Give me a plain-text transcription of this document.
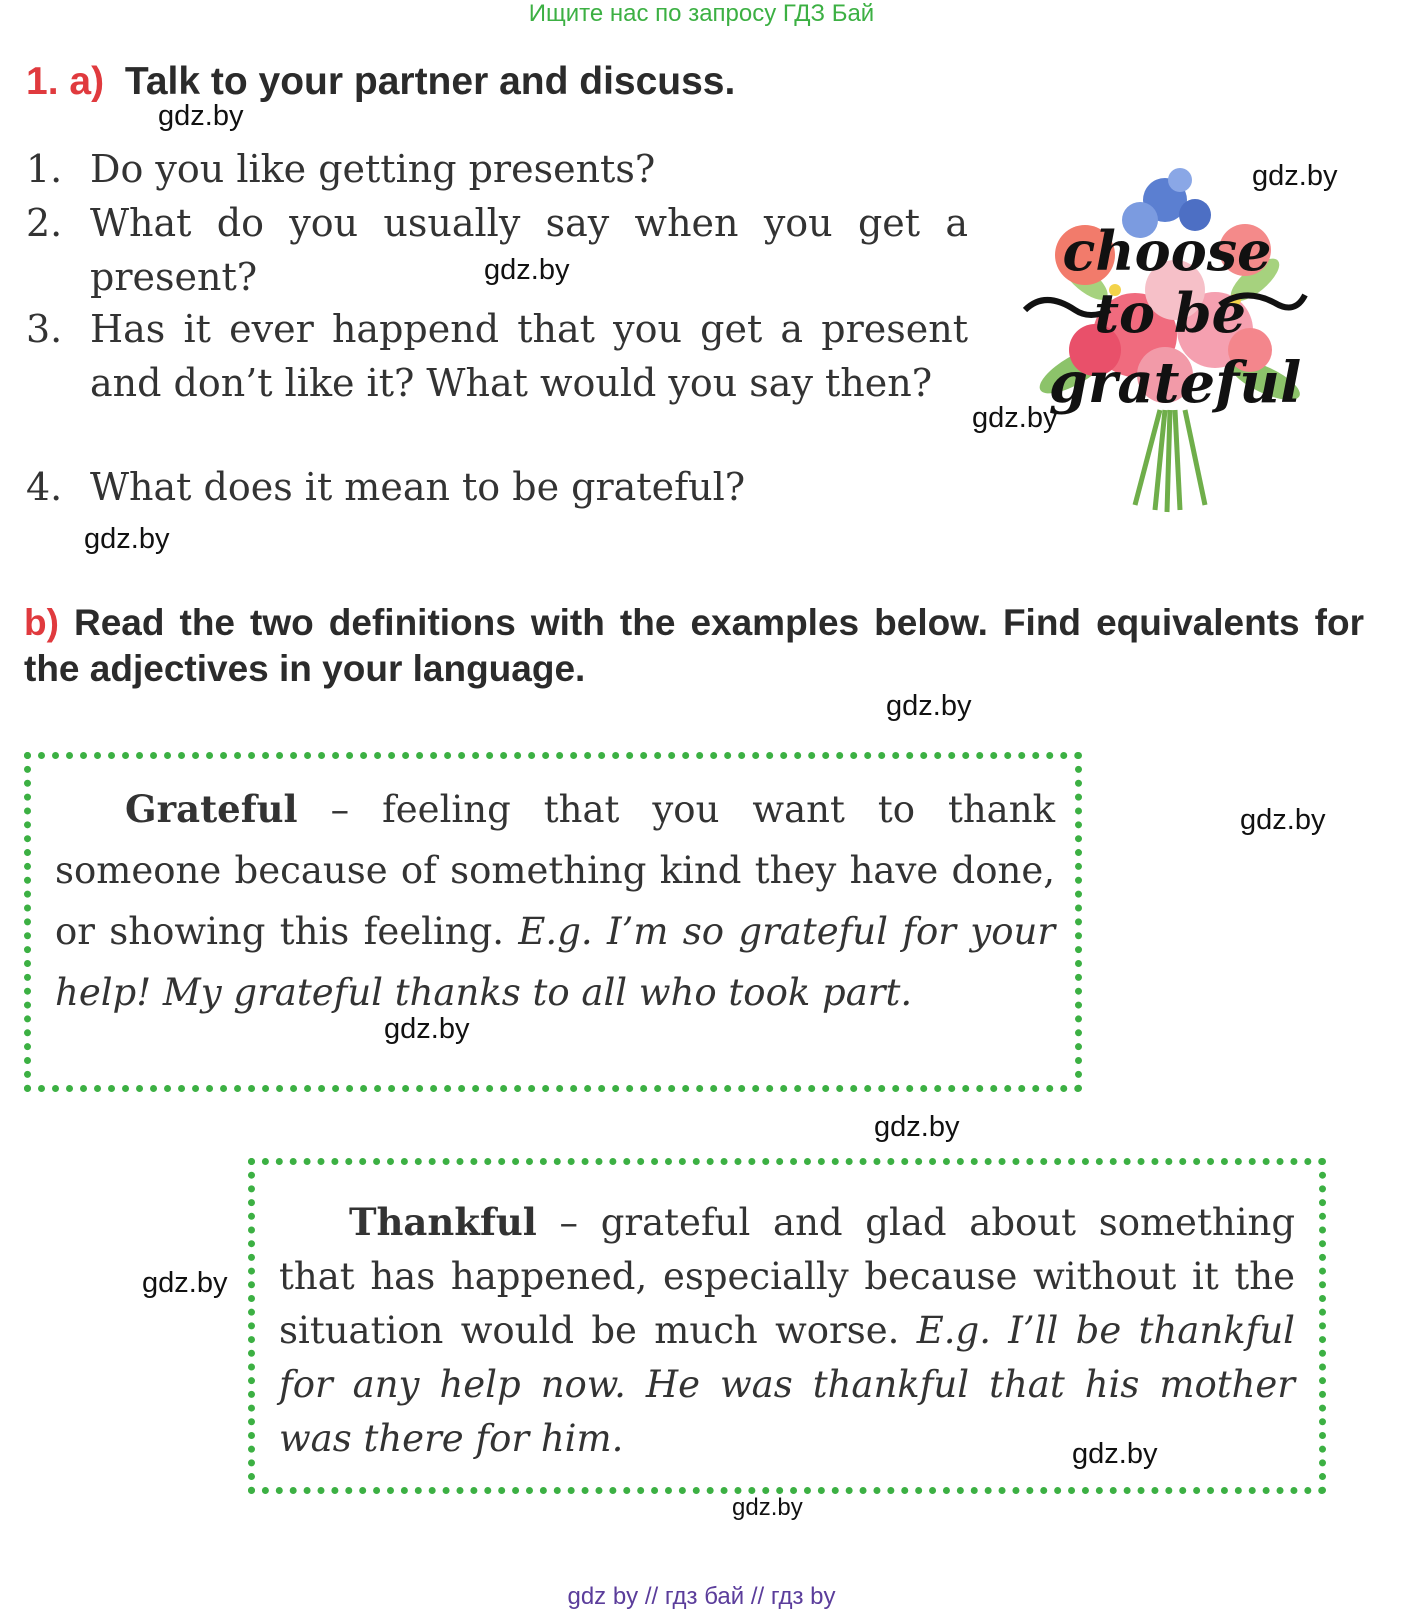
Ищите нас по запросу ГДЗ Бай
1. a) Talk to your partner and discuss.
1. Do you like getting presents?
2. What do you usually say when you get a present?
3. Has it ever happend that you get a present and don’t like it? What would you say then?
4. What does it mean to be grateful?
choose
to be
grateful
b) Read the two definitions with the examples below. Find equivalents for the adjectives in your language.
Grateful – feeling that you want to thank someone because of something kind they have done, or showing this feeling. E.g. I’m so grateful for your help! My grateful thanks to all who took part.
Thankful – grateful and glad about something that has happened, especially because without it the situation would be much worse. E.g. I’ll be thankful for any help now. He was thankful that his mother was there for him.
gdz.by
gdz.by
gdz.by
gdz.by
gdz.by
gdz.by
gdz.by
gdz.by
gdz.by
gdz.by
gdz.by
gdz.by
gdz by // гдз бай // гдз by
